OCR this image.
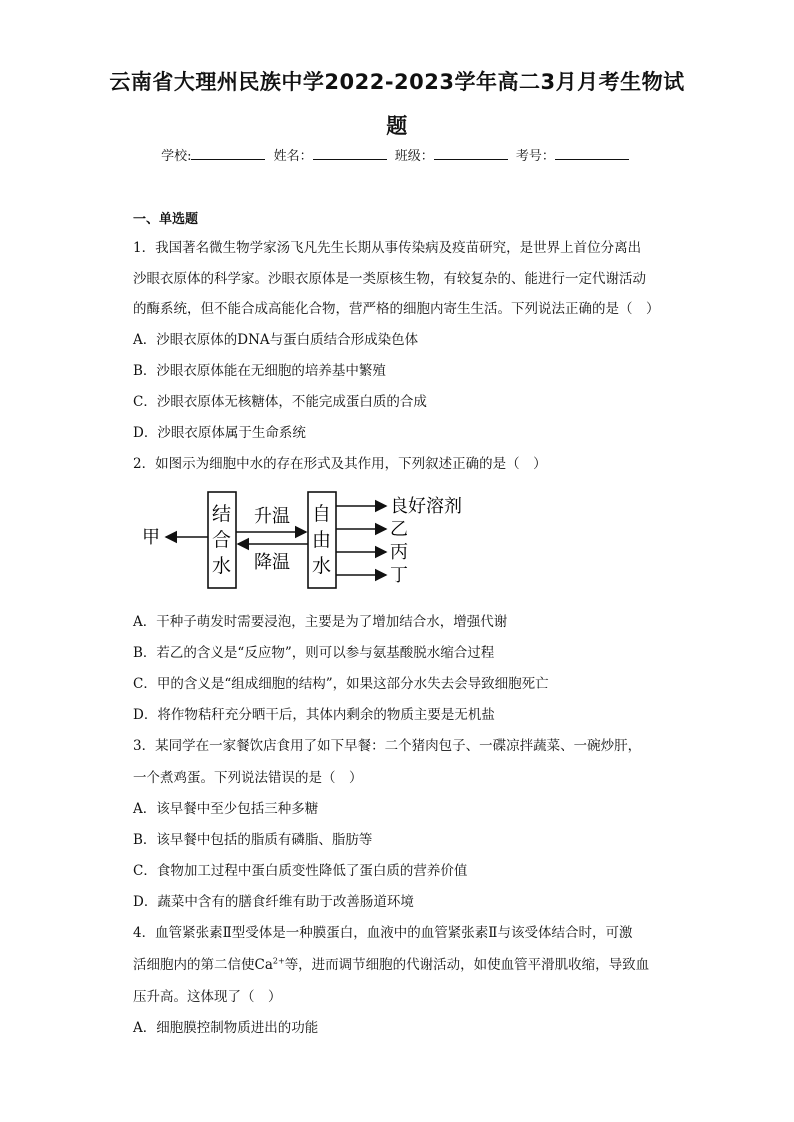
云南省大理州民族中学2022-2023学年高二3月月考生物试
题
学校:	姓名：	班级：	考号：
一、单选题
1．我国著名微生物学家汤飞凡先生长期从事传染病及疫苗研究，是世界上首位分离出
沙眼衣原体的科学家。沙眼衣原体是一类原核生物，有较复杂的、能进行一定代谢活动
的酶系统，但不能合成高能化合物，营严格的细胞内寄生生活。下列说法正确的是（　）
A．沙眼衣原体的DNA与蛋白质结合形成染色体
B．沙眼衣原体能在无细胞的培养基中繁殖
C．沙眼衣原体无核糖体，不能完成蛋白质的合成
D．沙眼衣原体属于生命系统
2．如图示为细胞中水的存在形式及其作用，下列叙述正确的是（　）
甲
结
合
水
升温
降温
自
由
水
良好溶剂
乙
丙
丁
A．干种子萌发时需要浸泡，主要是为了增加结合水，增强代谢
B．若乙的含义是“反应物”，则可以参与氨基酸脱水缩合过程
C．甲的含义是“组成细胞的结构”，如果这部分水失去会导致细胞死亡
D．将作物秸秆充分晒干后，其体内剩余的物质主要是无机盐
3．某同学在一家餐饮店食用了如下早餐：二个猪肉包子、一碟凉拌蔬菜、一碗炒肝，
一个煮鸡蛋。下列说法错误的是（　）
A．该早餐中至少包括三种多糖
B．该早餐中包括的脂质有磷脂、脂肪等
C．食物加工过程中蛋白质变性降低了蛋白质的营养价值
D．蔬菜中含有的膳食纤维有助于改善肠道环境
4．血管紧张素Ⅱ型受体是一种膜蛋白，血液中的血管紧张素Ⅱ与该受体结合时，可激
活细胞内的第二信使$Ca^{2+}$等，进而调节细胞的代谢活动，如使血管平滑肌收缩，导致血
压升高。这体现了（　）
A．细胞膜控制物质进出的功能
